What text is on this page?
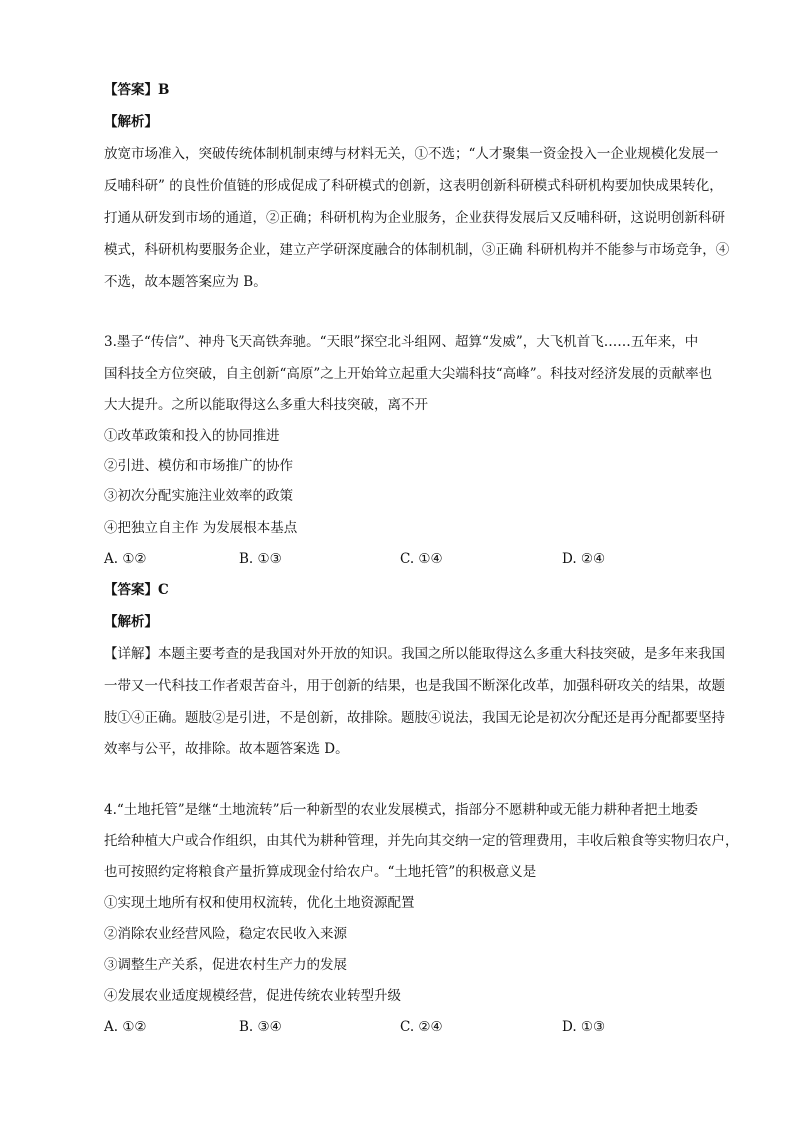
【答案】B
【解析】
放宽市场准入，突破传统体制机制束缚与材料无关，①不选；“人才聚集一资金投入一企业规模化发展一
反哺科研” 的良性价值链的形成促成了科研模式的创新，这表明创新科研模式科研机构要加快成果转化，
打通从研发到市场的通道，②正确；科研机构为企业服务，企业获得发展后又反哺科研，这说明创新科研
模式，科研机构要服务企业，建立产学研深度融合的体制机制，③正确 科研机构并不能参与市场竞争，④
不选，故本题答案应为 B。
3.墨子“传信”、神舟飞天高铁奔驰。“天眼”探空北斗组网、超算“发威”，大飞机首飞……五年来，中
国科技全方位突破，自主创新“高原”之上开始耸立起重大尖端科技“高峰”。科技对经济发展的贡献率也
大大提升。之所以能取得这么多重大科技突破，离不开
①改革政策和投入的协同推进
②引进、模仿和市场推广的协作
③初次分配实施注业效率的政策
④把独立自主作 为发展根本基点
A. ①②	B. ①③	C. ①④	D. ②④
【答案】C
【解析】
【详解】本题主要考查的是我国对外开放的知识。我国之所以能取得这么多重大科技突破，是多年来我国
一带又一代科技工作者艰苦奋斗，用于创新的结果，也是我国不断深化改革，加强科研攻关的结果，故题
肢①④正确。题肢②是引进，不是创新，故排除。题肢④说法，我国无论是初次分配还是再分配都要坚持
效率与公平，故排除。故本题答案选 D。
4.“土地托管”是继“土地流转”后一种新型的农业发展模式，指部分不愿耕种或无能力耕种者把土地委
托给种植大户或合作组织，由其代为耕种管理，并先向其交纳一定的管理费用，丰收后粮食等实物归农户，
也可按照约定将粮食产量折算成现金付给农户。“土地托管”的积极意义是
①实现土地所有权和使用权流转，优化土地资源配置
②消除农业经营风险，稳定农民收入来源
③调整生产关系，促进农村生产力的发展
④发展农业适度规模经营，促进传统农业转型升级
A. ①②	B. ③④	C. ②④	D. ①③
